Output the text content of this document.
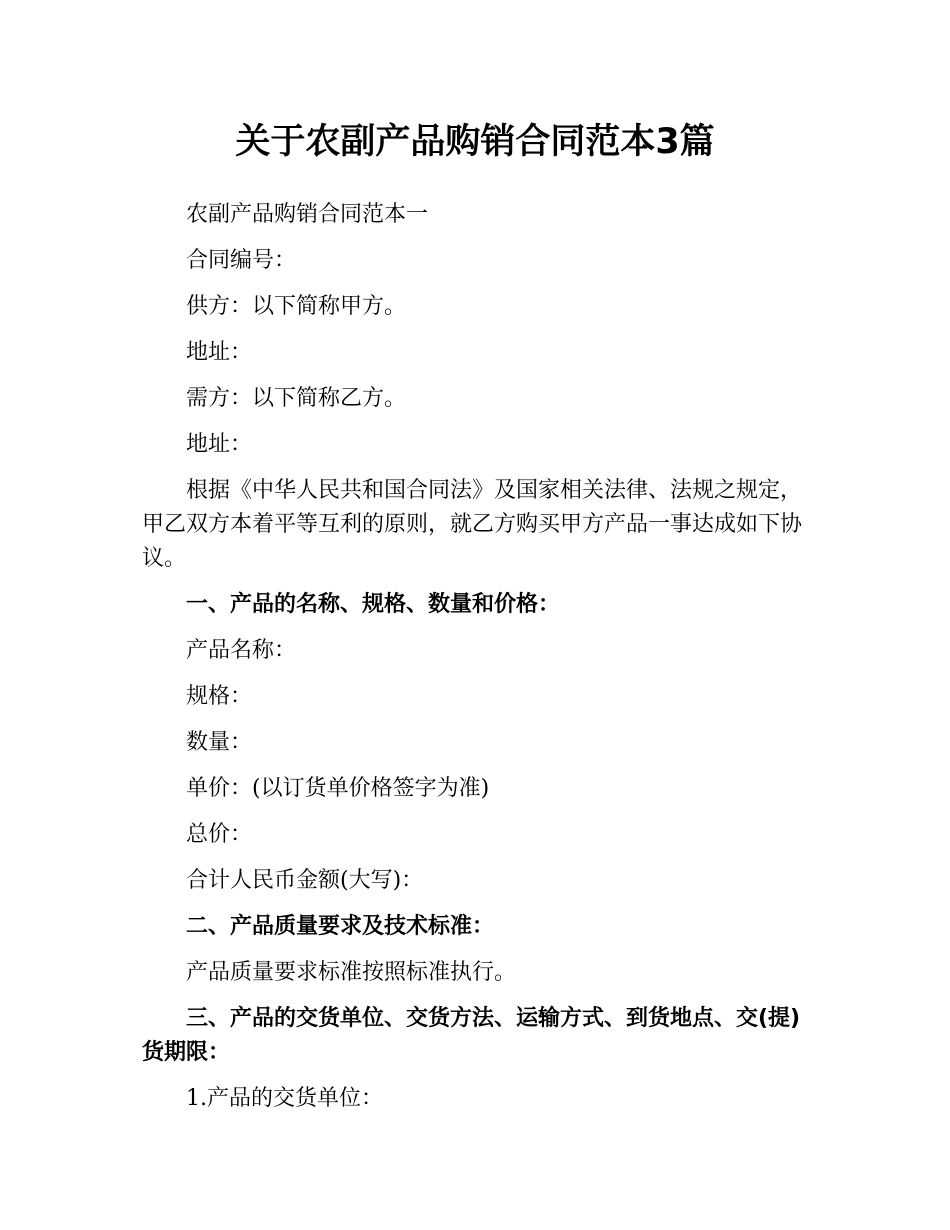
关于农副产品购销合同范本3篇

农副产品购销合同范本一

合同编号：

供方：以下简称甲方。

地址：

需方：以下简称乙方。

地址：

根据《中华人民共和国合同法》及国家相关法律、法规之规定，甲乙双方本着平等互利的原则，就乙方购买甲方产品一事达成如下协议。

一、产品的名称、规格、数量和价格：

产品名称：

规格：

数量：

单价：(以订货单价格签字为准)

总价：

合计人民币金额(大写)：

二、产品质量要求及技术标准：

产品质量要求标准按照标准执行。

三、产品的交货单位、交货方法、运输方式、到货地点、交(提)货期限：

1.产品的交货单位：
